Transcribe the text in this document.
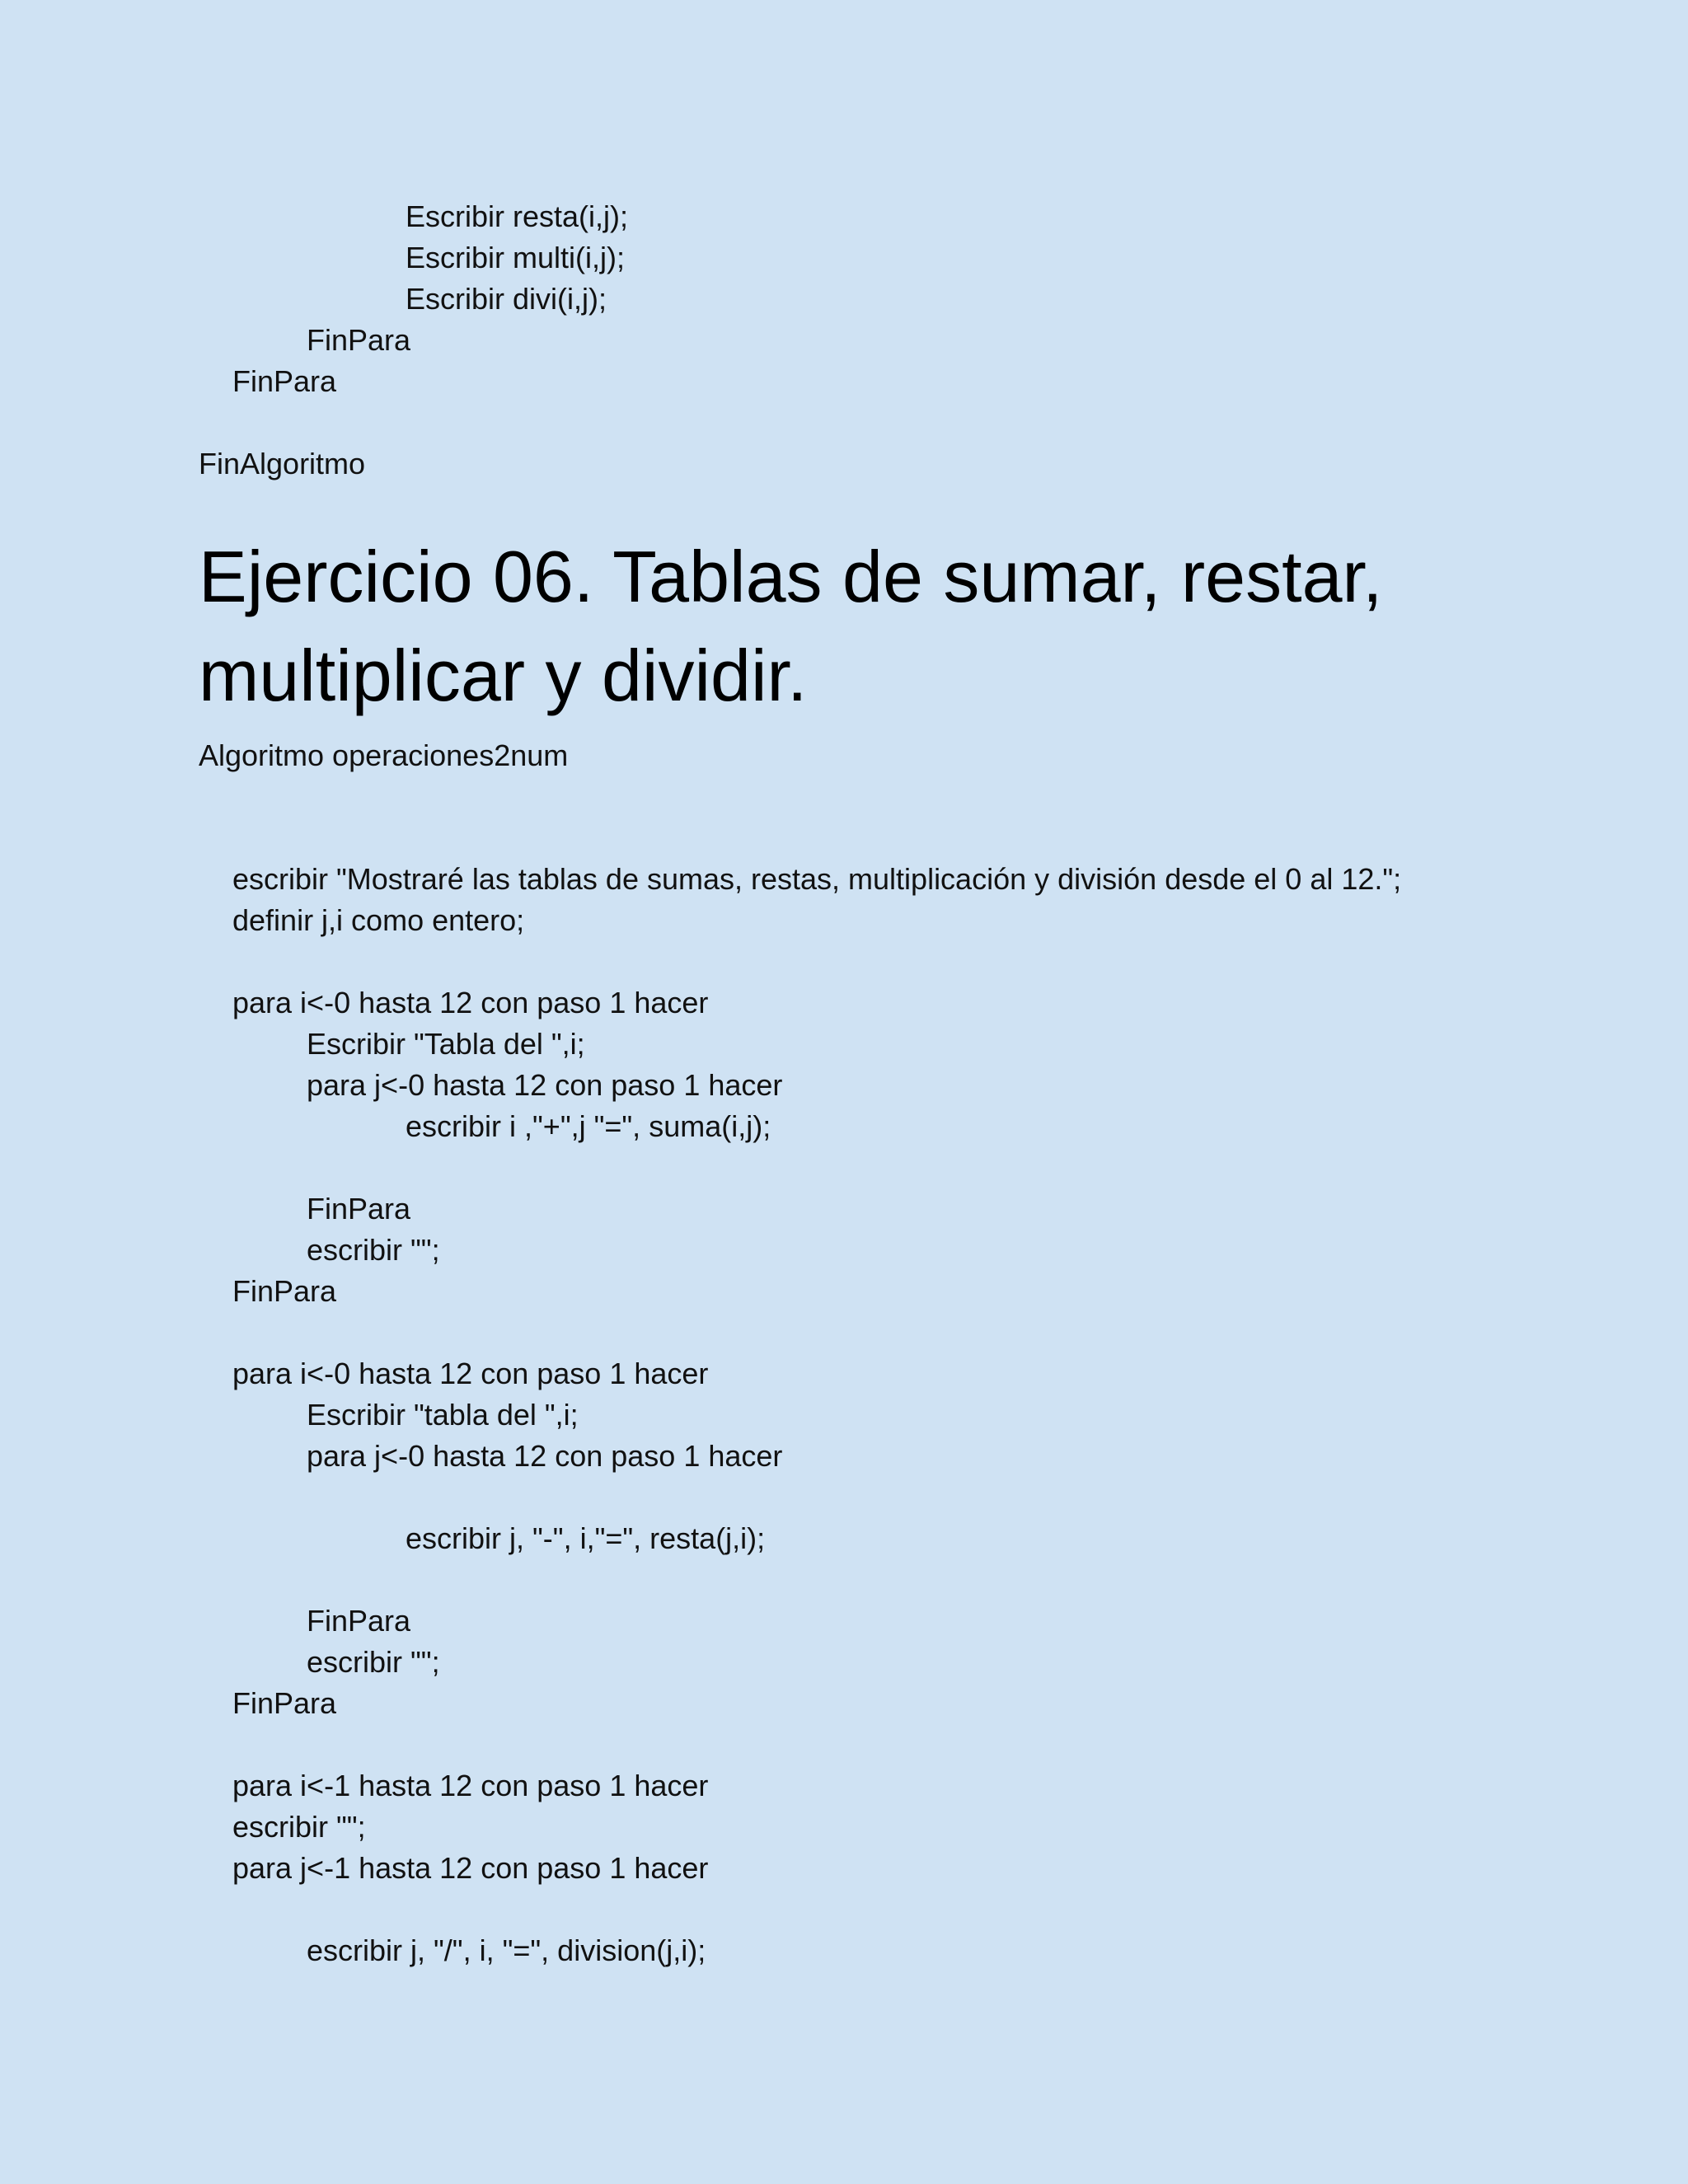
Escribir resta(i,j);
Escribir multi(i,j);
Escribir divi(i,j);
FinPara
FinPara
FinAlgoritmo
Ejercicio 06. Tablas de sumar, restar, multiplicar y dividir.
Algoritmo operaciones2num
escribir "Mostraré las tablas de sumas, restas, multiplicación y división desde el 0 al 12.";
definir j,i como entero;
para i<-0 hasta 12 con paso 1 hacer
Escribir "Tabla del ",i;
para j<-0 hasta 12 con paso 1 hacer
escribir i ,"+",j "=", suma(i,j);
FinPara
escribir "";
FinPara
para i<-0 hasta 12 con paso 1 hacer
Escribir "tabla del ",i;
para j<-0 hasta 12 con paso 1 hacer
escribir j, "-", i,"=", resta(j,i);
FinPara
escribir "";
FinPara
para i<-1 hasta 12 con paso 1 hacer
escribir "";
para j<-1 hasta 12 con paso 1 hacer
escribir j, "/", i, "=", division(j,i);
